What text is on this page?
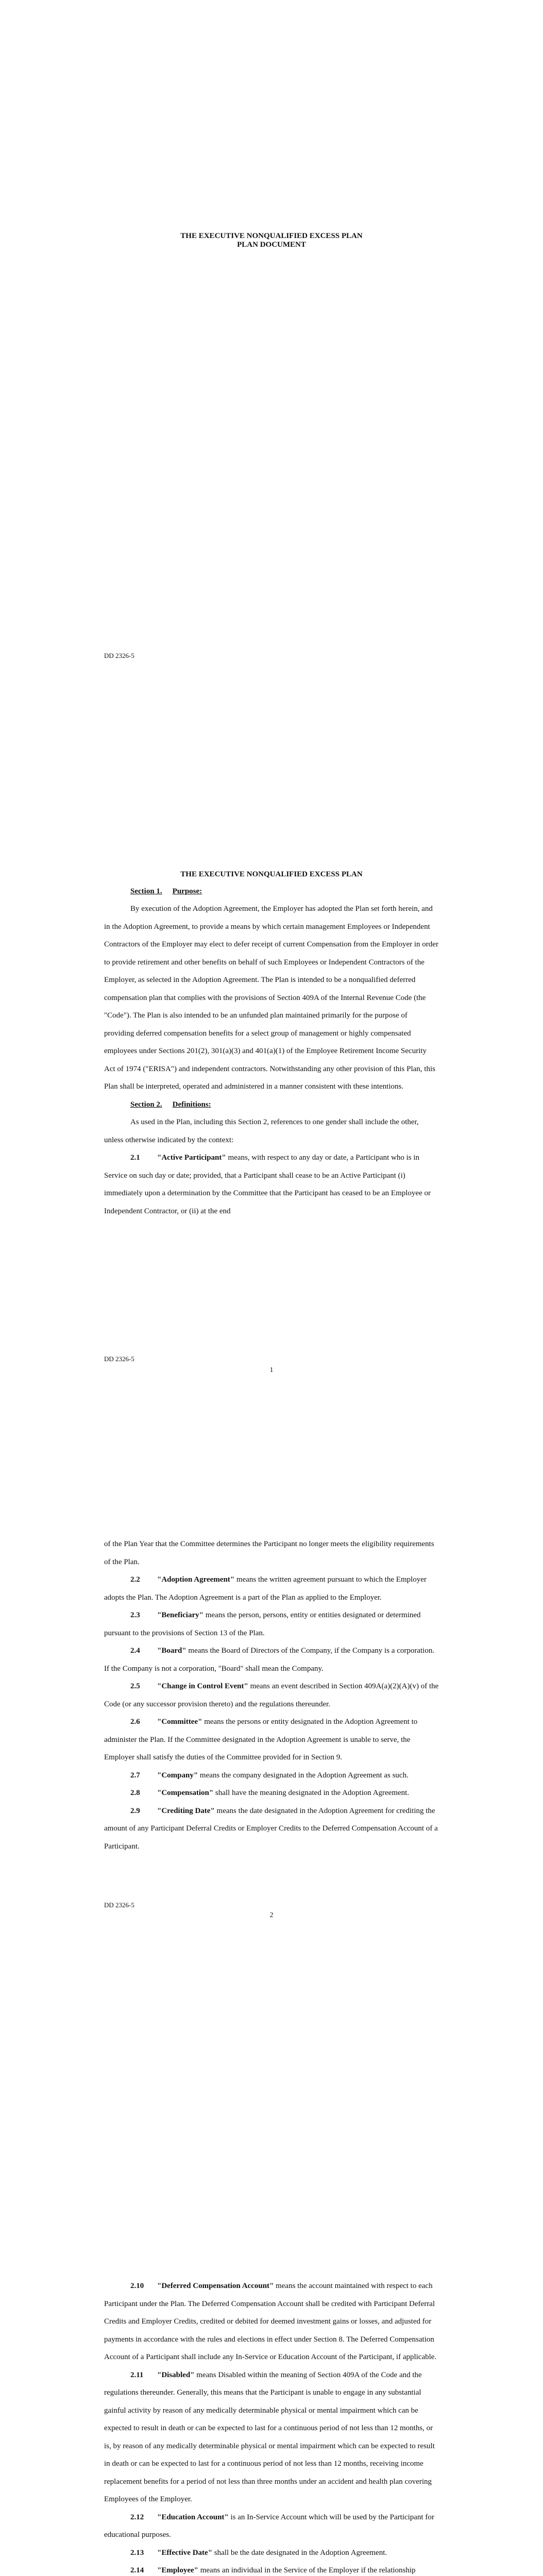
THE EXECUTIVE NONQUALIFIED EXCESS PLAN
PLAN DOCUMENT
DD 2326-5

THE EXECUTIVE NONQUALIFIED EXCESS PLAN

Section 1. Purpose:

By execution of the Adoption Agreement, the Employer has adopted the Plan set forth herein, and in the Adoption Agreement, to provide a means by which certain management Employees or Independent Contractors of the Employer may elect to defer receipt of current Compensation from the Employer in order to provide retirement and other benefits on behalf of such Employees or Independent Contractors of the Employer, as selected in the Adoption Agreement. The Plan is intended to be a nonqualified deferred compensation plan that complies with the provisions of Section 409A of the Internal Revenue Code (the "Code"). The Plan is also intended to be an unfunded plan maintained primarily for the purpose of providing deferred compensation benefits for a select group of management or highly compensated employees under Sections 201(2), 301(a)(3) and 401(a)(1) of the Employee Retirement Income Security Act of 1974 ("ERISA") and independent contractors. Notwithstanding any other provision of this Plan, this Plan shall be interpreted, operated and administered in a manner consistent with these intentions.

Section 2. Definitions:

As used in the Plan, including this Section 2, references to one gender shall include the other, unless otherwise indicated by the context:

2.1 "Active Participant" means, with respect to any day or date, a Participant who is in Service on such day or date; provided, that a Participant shall cease to be an Active Participant (i) immediately upon a determination by the Committee that the Participant has ceased to be an Employee or Independent Contractor, or (ii) at the end

DD 2326-5
1

of the Plan Year that the Committee determines the Participant no longer meets the eligibility requirements of the Plan.

2.2 "Adoption Agreement" means the written agreement pursuant to which the Employer adopts the Plan. The Adoption Agreement is a part of the Plan as applied to the Employer.

2.3 "Beneficiary" means the person, persons, entity or entities designated or determined pursuant to the provisions of Section 13 of the Plan.

2.4 "Board" means the Board of Directors of the Company, if the Company is a corporation. If the Company is not a corporation, "Board" shall mean the Company.

2.5 "Change in Control Event" means an event described in Section 409A(a)(2)(A)(v) of the Code (or any successor provision thereto) and the regulations thereunder.

2.6 "Committee" means the persons or entity designated in the Adoption Agreement to administer the Plan. If the Committee designated in the Adoption Agreement is unable to serve, the Employer shall satisfy the duties of the Committee provided for in Section 9.

2.7 "Company" means the company designated in the Adoption Agreement as such.

2.8 "Compensation" shall have the meaning designated in the Adoption Agreement.

2.9 "Crediting Date" means the date designated in the Adoption Agreement for crediting the amount of any Participant Deferral Credits or Employer Credits to the Deferred Compensation Account of a Participant.

DD 2326-5
2

2.10 "Deferred Compensation Account" means the account maintained with respect to each Participant under the Plan. The Deferred Compensation Account shall be credited with Participant Deferral Credits and Employer Credits, credited or debited for deemed investment gains or losses, and adjusted for payments in accordance with the rules and elections in effect under Section 8. The Deferred Compensation Account of a Participant shall include any In-Service or Education Account of the Participant, if applicable.

2.11 "Disabled" means Disabled within the meaning of Section 409A of the Code and the regulations thereunder. Generally, this means that the Participant is unable to engage in any substantial gainful activity by reason of any medically determinable physical or mental impairment which can be expected to result in death or can be expected to last for a continuous period of not less than 12 months, or is, by reason of any medically determinable physical or mental impairment which can be expected to result in death or can be expected to last for a continuous period of not less than 12 months, receiving income replacement benefits for a period of not less than three months under an accident and health plan covering Employees of the Employer.

2.12 "Education Account" is an In-Service Account which will be used by the Participant for educational purposes.

2.13 "Effective Date" shall be the date designated in the Adoption Agreement.

2.14 "Employee" means an individual in the Service of the Employer if the relationship
